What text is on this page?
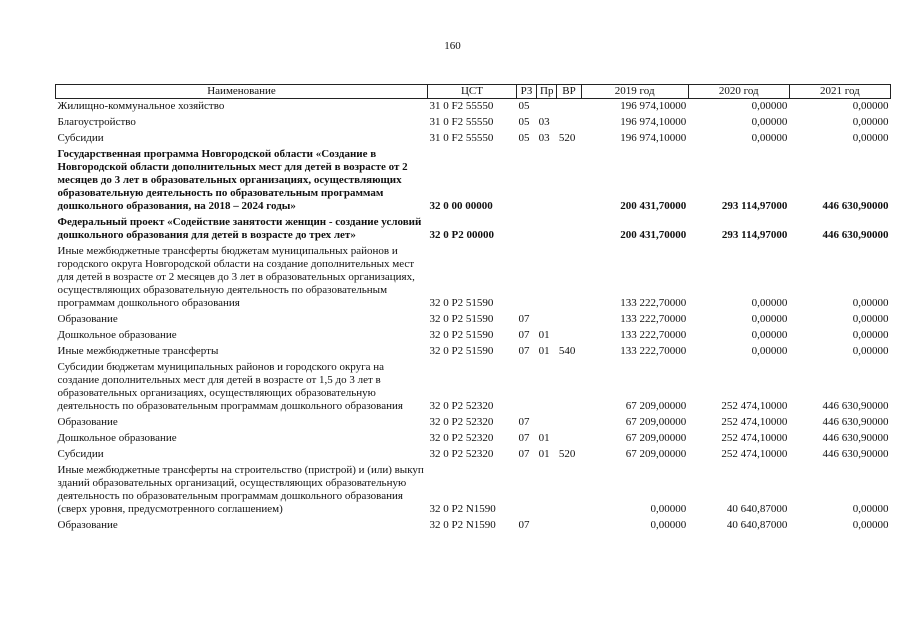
160
Наименование	ЦСТ	РЗ	Пр	ВР	2019 год	2020 год	2021 год
Жилищно-коммунальное хозяйство	31 0 F2 55550	05			196 974,10000	0,00000	0,00000
Благоустройство	31 0 F2 55550	05	03		196 974,10000	0,00000	0,00000
Субсидии	31 0 F2 55550	05	03	520	196 974,10000	0,00000	0,00000
Государственная программа Новгородской области «Создание в Новгородской области дополнительных мест для детей в возрасте от 2 месяцев до 3 лет в образовательных организациях, осуществляющих образовательную деятельность по образовательным программам дошкольного образования, на 2018 – 2024 годы»	32 0 00 00000				200 431,70000	293 114,97000	446 630,90000
Федеральный проект «Содействие занятости женщин - создание условий дошкольного образования для детей в возрасте до трех лет»	32 0 P2 00000				200 431,70000	293 114,97000	446 630,90000
Иные межбюджетные трансферты бюджетам муниципальных районов и городского округа Новгородской области на создание дополнительных мест для детей в возрасте от 2 месяцев до 3 лет в образовательных организациях, осуществляющих образовательную деятельность по образовательным программам дошкольного образования	32 0 P2 51590				133 222,70000	0,00000	0,00000
Образование	32 0 P2 51590	07			133 222,70000	0,00000	0,00000
Дошкольное образование	32 0 P2 51590	07	01		133 222,70000	0,00000	0,00000
Иные межбюджетные трансферты	32 0 P2 51590	07	01	540	133 222,70000	0,00000	0,00000
Субсидии бюджетам муниципальных районов и городского округа на создание дополнительных мест для детей в возрасте от 1,5 до 3 лет в образовательных организациях, осуществляющих образовательную деятельность по образовательным программам дошкольного образования	32 0 P2 52320				67 209,00000	252 474,10000	446 630,90000
Образование	32 0 P2 52320	07			67 209,00000	252 474,10000	446 630,90000
Дошкольное образование	32 0 P2 52320	07	01		67 209,00000	252 474,10000	446 630,90000
Субсидии	32 0 P2 52320	07	01	520	67 209,00000	252 474,10000	446 630,90000
Иные межбюджетные трансферты на строительство (пристрой) и (или) выкуп зданий образовательных организаций, осуществляющих образовательную деятельность по образовательным программам дошкольного образования (сверх уровня, предусмотренного соглашением)	32 0 P2 N1590				0,00000	40 640,87000	0,00000
Образование	32 0 P2 N1590	07			0,00000	40 640,87000	0,00000
